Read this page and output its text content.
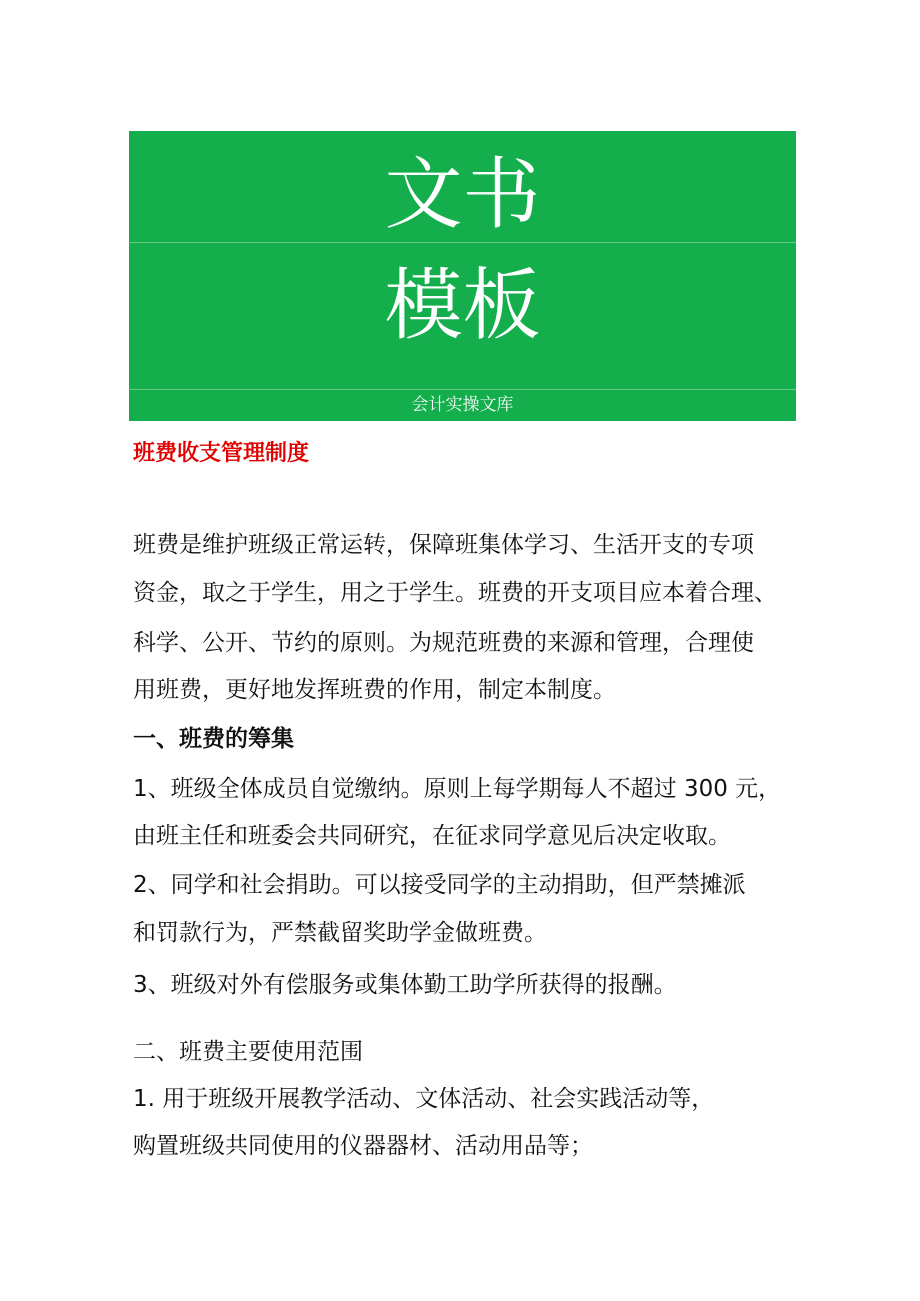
文书
模板
会计实操文库
班费收支管理制度
班费是维护班级正常运转，保障班集体学习、生活开支的专项
资金，取之于学生，用之于学生。班费的开支项目应本着合理、
科学、公开、节约的原则。为规范班费的来源和管理，合理使
用班费，更好地发挥班费的作用，制定本制度。
一、班费的筹集
1、班级全体成员自觉缴纳。原则上每学期每人不超过 300 元，
由班主任和班委会共同研究，在征求同学意见后决定收取。
2、同学和社会捐助。可以接受同学的主动捐助，但严禁摊派
和罚款行为，严禁截留奖助学金做班费。
3、班级对外有偿服务或集体勤工助学所获得的报酬。
二、班费主要使用范围
1. 用于班级开展教学活动、文体活动、社会实践活动等，
购置班级共同使用的仪器器材、活动用品等；
